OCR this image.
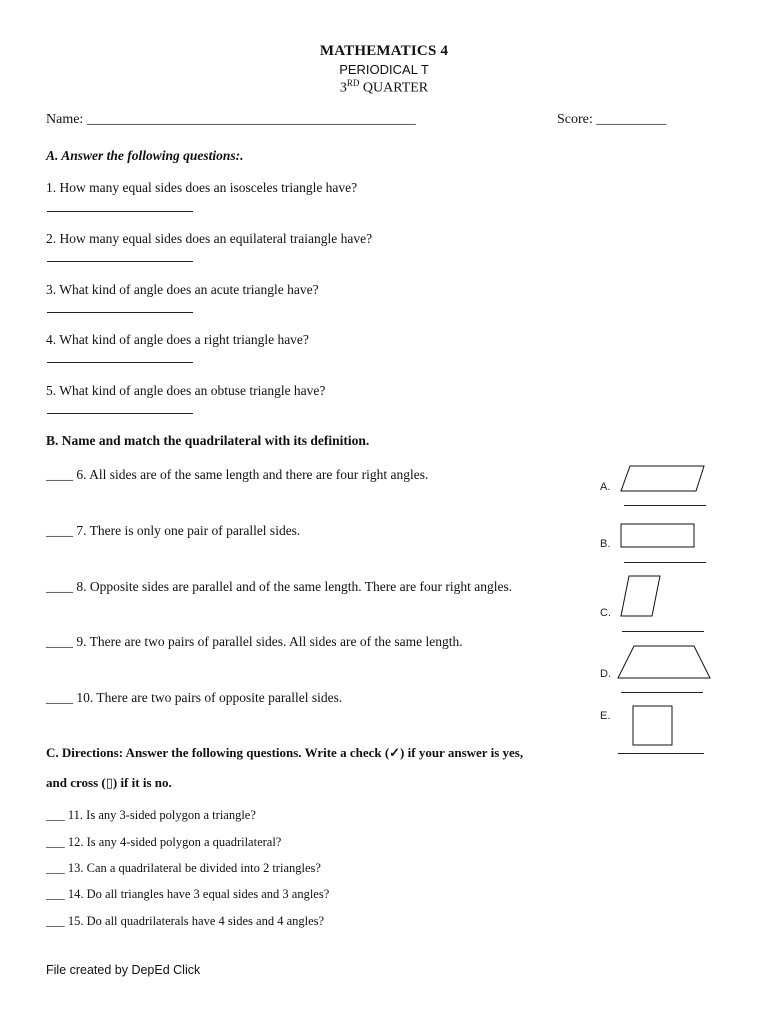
MATHEMATICS 4
PERIODICAL T
3RD QUARTER
Name: _______________________________________________	Score: __________
A. Answer the following questions:.
1. How many equal sides does an isosceles triangle have?
2. How many equal sides does an equilateral traiangle have?
3. What kind of angle does an acute triangle have?
4. What kind of angle does a right triangle have?
5. What kind of angle does an obtuse triangle have?
B. Name and match the quadrilateral with its definition.
____ 6. All sides are of the same length and there are four right angles.
____ 7. There is only one pair of parallel sides.
____ 8. Opposite sides are parallel and of the same length. There are four right angles.
____ 9. There are two pairs of parallel sides. All sides are of the same length.
____ 10. There are two pairs of opposite parallel sides.
A.
B.
C.
D.
E.
C. Directions: Answer the following questions. Write a check (✓) if your answer is yes,
and cross (▯) if it is no.
___ 11. Is any 3-sided polygon a triangle?
___ 12. Is any 4-sided polygon a quadrilateral?
___ 13. Can a quadrilateral be divided into 2 triangles?
___ 14. Do all triangles have 3 equal sides and 3 angles?
___ 15. Do all quadrilaterals have 4 sides and 4 angles?
File created by DepEd Click
